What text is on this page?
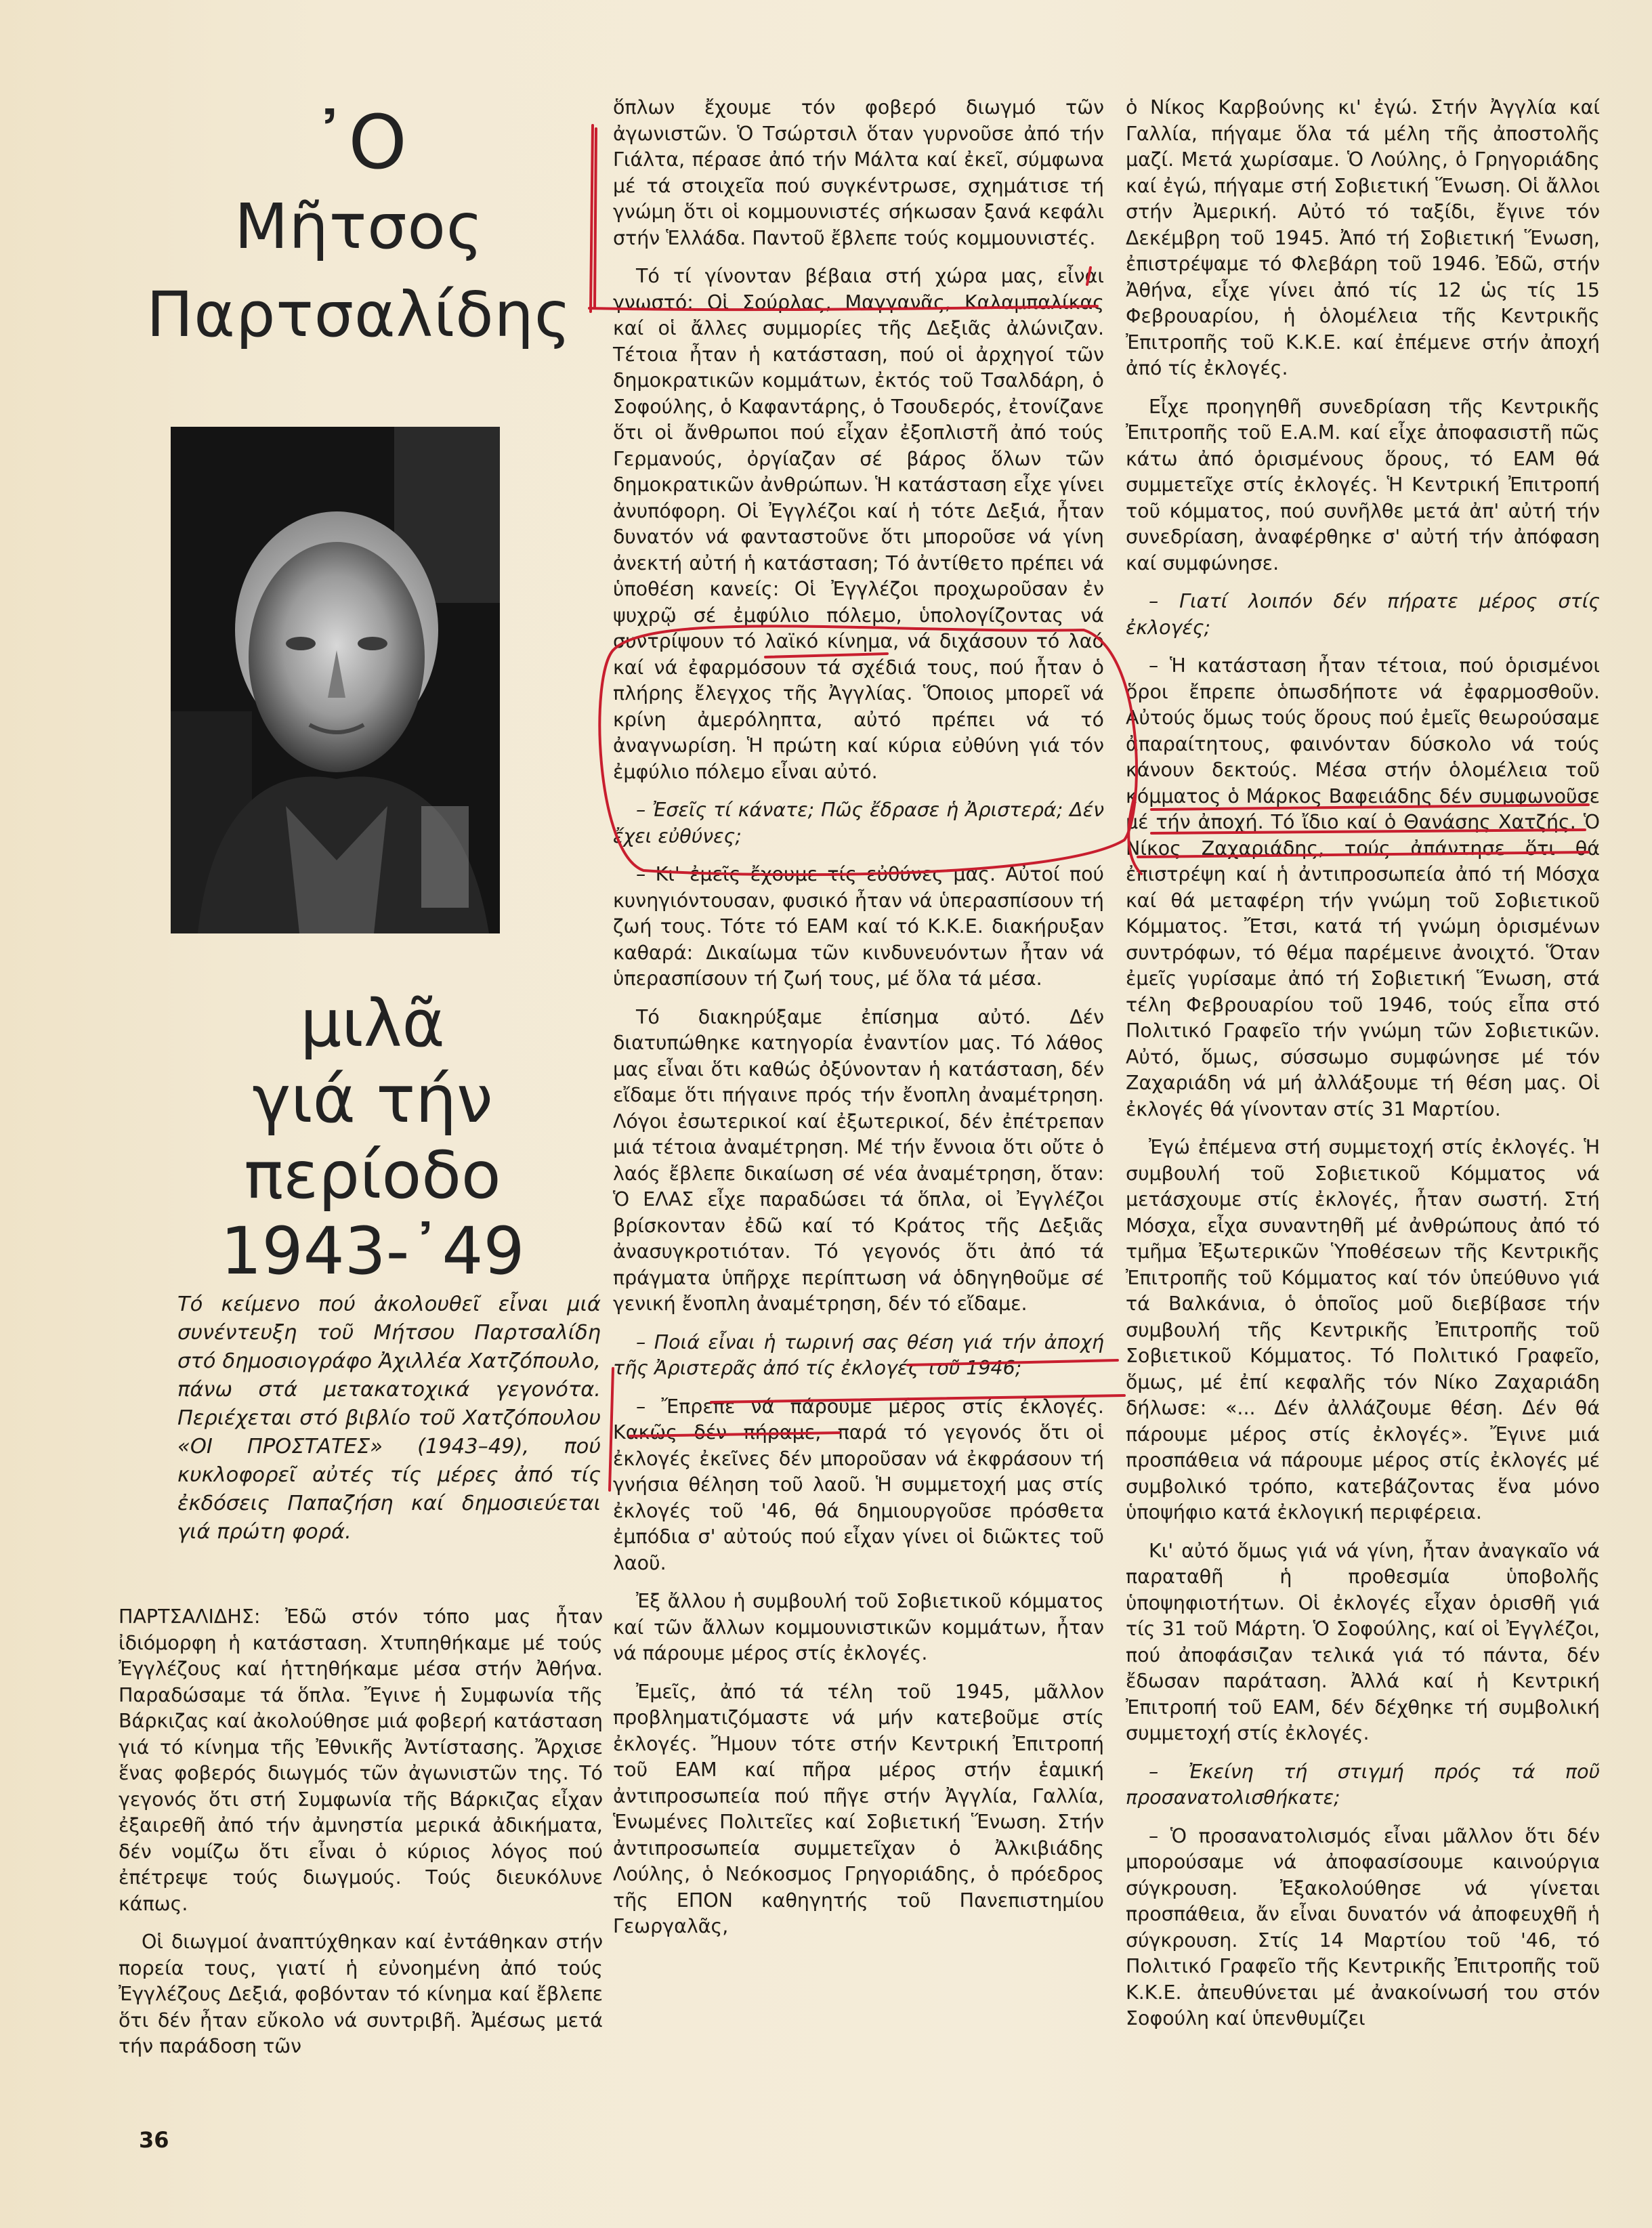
᾿Ο
Μῆτσος
Παρτσαλίδης
μιλᾶ
γιά τήν
περίοδο
1943-᾿49
Τό κείμενο πού ἀκολουθεῖ εἶναι μιά συνέντευξη τοῦ Μήτσου Παρτσαλίδη στό δημοσιογράφο Ἀχιλλέα Χατζόπουλο, πάνω στά μετακατοχικά γεγονότα. Περιέχεται στό βιβλίο τοῦ Χατζόπουλου «ΟΙ ΠΡΟΣΤΑΤΕΣ» (1943–49), πού κυκλοφορεῖ αὐτές τίς μέρες ἀπό τίς ἐκδόσεις Παπαζήση καί δημοσιεύεται γιά πρώτη φορά.

ΠΑΡΤΣΑΛΙΔΗΣ: Ἐδῶ στόν τόπο μας ἦταν ἰδιόμορφη ἡ κατάσταση. Χτυπηθήκαμε μέ τούς Ἐγγλέζους καί ἡττηθήκαμε μέσα στήν Ἀθήνα. Παραδώσαμε τά ὅπλα. Ἔγινε ἡ Συμφωνία τῆς Βάρκιζας καί ἀκολούθησε μιά φοβερή κατάσταση γιά τό κίνημα τῆς Ἐθνικῆς Ἀντίστασης. Ἄρχισε ἕνας φοβερός διωγμός τῶν ἀγωνιστῶν της. Τό γεγονός ὅτι στή Συμφωνία τῆς Βάρκιζας εἶχαν ἐξαιρεθῆ ἀπό τήν ἀμνηστία μερικά ἀδικήματα, δέν νομίζω ὅτι εἶναι ὁ κύριος λόγος πού ἐπέτρεψε τούς διωγμούς. Τούς διευκόλυνε κάπως.

Οἱ διωγμοί ἀναπτύχθηκαν καί ἐντάθηκαν στήν πορεία τους, γιατί ἡ εὐνοημένη ἀπό τούς Ἐγγλέζους Δεξιά, φοβόνταν τό κίνημα καί ἔβλεπε ὅτι δέν ἦταν εὔκολο νά συντριβῆ. Ἀμέσως μετά τήν παράδοση τῶν

ὅπλων ἔχουμε τόν φοβερό διωγμό τῶν ἀγωνιστῶν. Ὁ Τσώρτσιλ ὅταν γυρνοῦσε ἀπό τήν Γιάλτα, πέρασε ἀπό τήν Μάλτα καί ἐκεῖ, σύμφωνα μέ τά στοιχεῖα πού συγκέντρωσε, σχημάτισε τή γνώμη ὅτι οἱ κομμουνιστές σήκωσαν ξανά κεφάλι στήν Ἑλλάδα. Παντοῦ ἔβλεπε τούς κομμουνιστές.

Τό τί γίνονταν βέβαια στή χώρα μας, εἶναι γνωστό: Οἱ Σούρλας, Μαγγανᾶς, Καλαμπαλίκας καί οἱ ἄλλες συμμορίες τῆς Δεξιᾶς ἀλώνιζαν. Τέτοια ἦταν ἡ κατάσταση, πού οἱ ἀρχηγοί τῶν δημοκρατικῶν κομμάτων, ἐκτός τοῦ Τσαλδάρη, ὁ Σοφούλης, ὁ Καφαντάρης, ὁ Τσουδερός, ἐτονίζανε ὅτι οἱ ἄνθρωποι πού εἶχαν ἐξοπλιστῆ ἀπό τούς Γερμανούς, ὀργίαζαν σέ βάρος ὅλων τῶν δημοκρατικῶν ἀνθρώπων. Ἡ κατάσταση εἶχε γίνει ἀνυπόφορη. Οἱ Ἐγγλέζοι καί ἡ τότε Δεξιά, ἦταν δυνατόν νά φανταστοῦνε ὅτι μποροῦσε νά γίνη ἀνεκτή αὐτή ἡ κατάσταση; Τό ἀντίθετο πρέπει νά ὑποθέση κανείς: Οἱ Ἐγγλέζοι προχωροῦσαν ἐν ψυχρῷ σέ ἐμφύλιο πόλεμο, ὑπολογίζοντας νά συντρίψουν τό λαϊκό κίνημα, νά διχάσουν τό λαό καί νά ἐφαρμόσουν τά σχέδιά τους, πού ἦταν ὁ πλήρης ἔλεγχος τῆς Ἀγγλίας. Ὅποιος μπορεῖ νά κρίνη ἀμερόληπτα, αὐτό πρέπει νά τό ἀναγνωρίση. Ἡ πρώτη καί κύρια εὐθύνη γιά τόν ἐμφύλιο πόλεμο εἶναι αὐτό.

– Ἐσεῖς τί κάνατε; Πῶς ἔδρασε ἡ Ἀριστερά; Δέν ἔχει εὐθύνες;

– Κι' ἐμεῖς ἔχουμε τίς εὐθύνες μας. Αὐτοί πού κυνηγιόντουσαν, φυσικό ἦταν νά ὑπερασπίσουν τή ζωή τους. Τότε τό ΕΑΜ καί τό Κ.Κ.Ε. διακήρυξαν καθαρά: Δικαίωμα τῶν κινδυνευόντων ἦταν νά ὑπερασπίσουν τή ζωή τους, μέ ὅλα τά μέσα.

Τό διακηρύξαμε ἐπίσημα αὐτό. Δέν διατυπώθηκε κατηγορία ἐναντίον μας. Τό λάθος μας εἶναι ὅτι καθώς ὀξύνονταν ἡ κατάσταση, δέν εἴδαμε ὅτι πήγαινε πρός τήν ἔνοπλη ἀναμέτρηση. Λόγοι ἐσωτερικοί καί ἐξωτερικοί, δέν ἐπέτρεπαν μιά τέτοια ἀναμέτρηση. Μέ τήν ἔννοια ὅτι οὔτε ὁ λαός ἔβλεπε δικαίωση σέ νέα ἀναμέτρηση, ὅταν: Ὁ ΕΛΑΣ εἶχε παραδώσει τά ὅπλα, οἱ Ἐγγλέζοι βρίσκονταν ἐδῶ καί τό Κράτος τῆς Δεξιᾶς ἀνασυγκροτιόταν. Τό γεγονός ὅτι ἀπό τά πράγματα ὑπῆρχε περίπτωση νά ὁδηγηθοῦμε σέ γενική ἔνοπλη ἀναμέτρηση, δέν τό εἴδαμε.

– Ποιά εἶναι ἡ τωρινή σας θέση γιά τήν ἀποχή τῆς Ἀριστερᾶς ἀπό τίς ἐκλογές τοῦ 1946;

– Ἔπρεπε νά πάρουμε μέρος στίς ἐκλογές. Κακῶς δέν πήραμε, παρά τό γεγονός ὅτι οἱ ἐκλογές ἐκεῖνες δέν μποροῦσαν νά ἐκφράσουν τή γνήσια θέληση τοῦ λαοῦ. Ἡ συμμετοχή μας στίς ἐκλογές τοῦ '46, θά δημιουργοῦσε πρόσθετα ἐμπόδια σ' αὐτούς πού εἶχαν γίνει οἱ διῶκτες τοῦ λαοῦ.

Ἐξ ἄλλου ἡ συμβουλή τοῦ Σοβιετικοῦ κόμματος καί τῶν ἄλλων κομμουνιστικῶν κομμάτων, ἦταν νά πάρουμε μέρος στίς ἐκλογές.

Ἐμεῖς, ἀπό τά τέλη τοῦ 1945, μᾶλλον προβληματιζόμαστε νά μήν κατεβοῦμε στίς ἐκλογές. Ἤμουν τότε στήν Κεντρική Ἐπιτροπή τοῦ ΕΑΜ καί πῆρα μέρος στήν ἑαμική ἀντιπροσωπεία πού πῆγε στήν Ἀγγλία, Γαλλία, Ἑνωμένες Πολιτεῖες καί Σοβιετική Ἕνωση. Στήν ἀντιπροσωπεία συμμετεῖχαν ὁ Ἀλκιβιάδης Λούλης, ὁ Νεόκοσμος Γρηγοριάδης, ὁ πρόεδρος τῆς ΕΠΟΝ καθηγητής τοῦ Πανεπιστημίου Γεωργαλᾶς,

ὁ Νίκος Καρβούνης κι' ἐγώ. Στήν Ἀγγλία καί Γαλλία, πήγαμε ὅλα τά μέλη τῆς ἀποστολῆς μαζί. Μετά χωρίσαμε. Ὁ Λούλης, ὁ Γρηγοριάδης καί ἐγώ, πήγαμε στή Σοβιετική Ἕνωση. Οἱ ἄλλοι στήν Ἀμερική. Αὐτό τό ταξίδι, ἔγινε τόν Δεκέμβρη τοῦ 1945. Ἀπό τή Σοβιετική Ἕνωση, ἐπιστρέψαμε τό Φλεβάρη τοῦ 1946. Ἐδῶ, στήν Ἀθήνα, εἶχε γίνει ἀπό τίς 12 ὡς τίς 15 Φεβρουαρίου, ἡ ὁλομέλεια τῆς Κεντρικῆς Ἐπιτροπῆς τοῦ Κ.Κ.Ε. καί ἐπέμενε στήν ἀποχή ἀπό τίς ἐκλογές.

Εἶχε προηγηθῆ συνεδρίαση τῆς Κεντρικῆς Ἐπιτροπῆς τοῦ Ε.Α.Μ. καί εἶχε ἀποφασιστῆ πῶς κάτω ἀπό ὁρισμένους ὅρους, τό ΕΑΜ θά συμμετεῖχε στίς ἐκλογές. Ἡ Κεντρική Ἐπιτροπή τοῦ κόμματος, πού συνῆλθε μετά ἀπ' αὐτή τήν συνεδρίαση, ἀναφέρθηκε σ' αὐτή τήν ἀπόφαση καί συμφώνησε.

– Γιατί λοιπόν δέν πήρατε μέρος στίς ἐκλογές;

– Ἡ κατάσταση ἦταν τέτοια, πού ὁρισμένοι ὅροι ἔπρεπε ὁπωσδήποτε νά ἐφαρμοσθοῦν. Αὐτούς ὅμως τούς ὅρους πού ἐμεῖς θεωρούσαμε ἀπαραίτητους, φαινόνταν δύσκολο νά τούς κάνουν δεκτούς. Μέσα στήν ὁλομέλεια τοῦ κόμματος ὁ Μάρκος Βαφειάδης δέν συμφωνοῦσε μέ τήν ἀποχή. Τό ἴδιο καί ὁ Θανάσης Χατζής. Ὁ Νίκος Ζαχαριάδης, τούς ἀπάντησε ὅτι θά ἐπιστρέψη καί ἡ ἀντιπροσωπεία ἀπό τή Μόσχα καί θά μεταφέρη τήν γνώμη τοῦ Σοβιετικοῦ Κόμματος. Ἔτσι, κατά τή γνώμη ὁρισμένων συντρόφων, τό θέμα παρέμεινε ἀνοιχτό. Ὅταν ἐμεῖς γυρίσαμε ἀπό τή Σοβιετική Ἕνωση, στά τέλη Φεβρουαρίου τοῦ 1946, τούς εἶπα στό Πολιτικό Γραφεῖο τήν γνώμη τῶν Σοβιετικῶν. Αὐτό, ὅμως, σύσσωμο συμφώνησε μέ τόν Ζαχαριάδη νά μή ἀλλάξουμε τή θέση μας. Οἱ ἐκλογές θά γίνονταν στίς 31 Μαρτίου.

Ἐγώ ἐπέμενα στή συμμετοχή στίς ἐκλογές. Ἡ συμβουλή τοῦ Σοβιετικοῦ Κόμματος νά μετάσχουμε στίς ἐκλογές, ἦταν σωστή. Στή Μόσχα, εἶχα συναντηθῆ μέ ἀνθρώπους ἀπό τό τμῆμα Ἐξωτερικῶν Ὑποθέσεων τῆς Κεντρικῆς Ἐπιτροπῆς τοῦ Κόμματος καί τόν ὑπεύθυνο γιά τά Βαλκάνια, ὁ ὁποῖος μοῦ διεβίβασε τήν συμβουλή τῆς Κεντρικῆς Ἐπιτροπῆς τοῦ Σοβιετικοῦ Κόμματος. Τό Πολιτικό Γραφεῖο, ὅμως, μέ ἐπί κεφαλῆς τόν Νίκο Ζαχαριάδη δήλωσε: «... Δέν ἀλλάζουμε θέση. Δέν θά πάρουμε μέρος στίς ἐκλογές». Ἔγινε μιά προσπάθεια νά πάρουμε μέρος στίς ἐκλογές μέ συμβολικό τρόπο, κατεβάζοντας ἕνα μόνο ὑποψήφιο κατά ἐκλογική περιφέρεια.

Κι' αὐτό ὅμως γιά νά γίνη, ἦταν ἀναγκαῖο νά παραταθῆ ἡ προθεσμία ὑποβολῆς ὑποψηφιοτήτων. Οἱ ἐκλογές εἶχαν ὁρισθῆ γιά τίς 31 τοῦ Μάρτη. Ὁ Σοφούλης, καί οἱ Ἐγγλέζοι, πού ἀποφάσιζαν τελικά γιά τό πάντα, δέν ἔδωσαν παράταση. Ἀλλά καί ἡ Κεντρική Ἐπιτροπή τοῦ ΕΑΜ, δέν δέχθηκε τή συμβολική συμμετοχή στίς ἐκλογές.

– Ἐκείνη τή στιγμή πρός τά ποῦ προσανατολισθήκατε;

– Ὁ προσανατολισμός εἶναι μᾶλλον ὅτι δέν μπορούσαμε νά ἀποφασίσουμε καινούργια σύγκρουση. Ἐξακολούθησε νά γίνεται προσπάθεια, ἄν εἶναι δυνατόν νά ἀποφευχθῆ ἡ σύγκρουση. Στίς 14 Μαρτίου τοῦ '46, τό Πολιτικό Γραφεῖο τῆς Κεντρικῆς Ἐπιτροπῆς τοῦ Κ.Κ.Ε. ἀπευθύνεται μέ ἀνακοίνωσή του στόν Σοφούλη καί ὑπενθυμίζει

36
